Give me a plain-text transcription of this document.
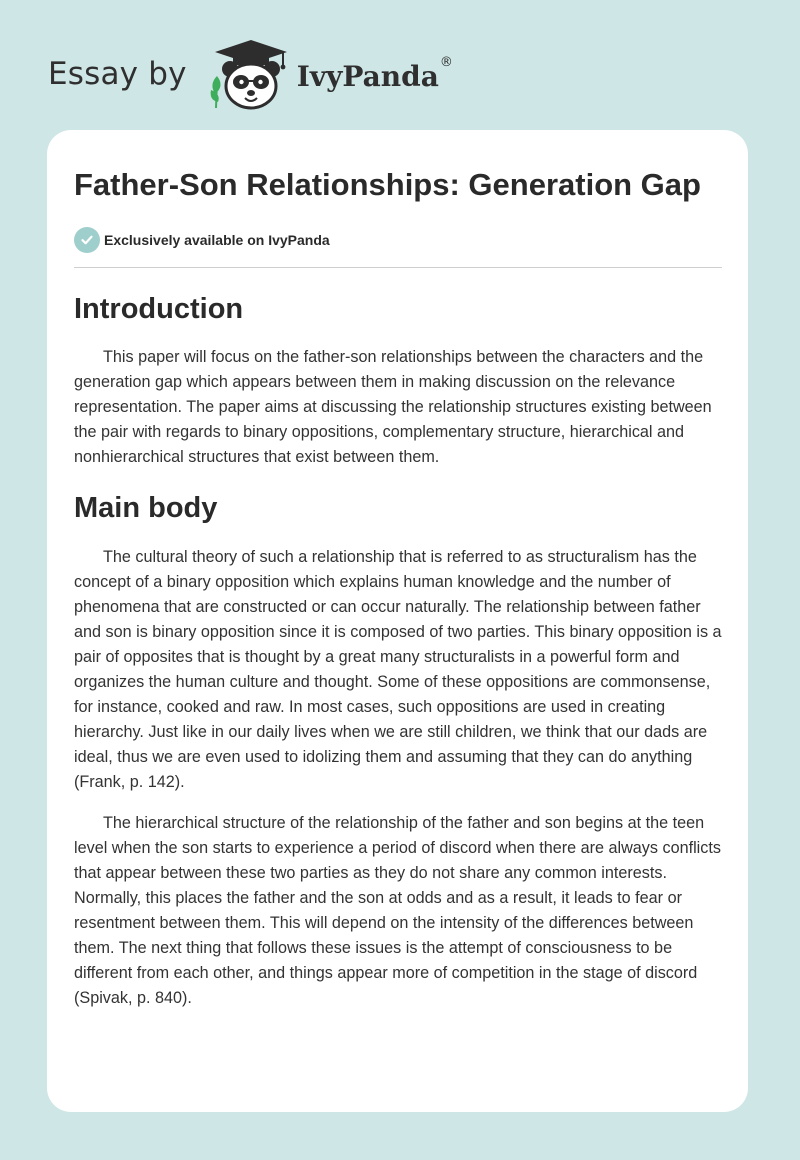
Essay by	IvyPanda ®
Father-Son Relationships: Generation Gap
Exclusively available on IvyPanda
Introduction

This paper will focus on the father-son relationships between the characters and the generation gap which appears between them in making discussion on the relevance representation. The paper aims at discussing the relationship structures existing between the pair with regards to binary oppositions, complementary structure, hierarchical and nonhierarchical structures that exist between them.

Main body

The cultural theory of such a relationship that is referred to as structuralism has the concept of a binary opposition which explains human knowledge and the number of phenomena that are constructed or can occur naturally. The relationship between father and son is binary opposition since it is composed of two parties. This binary opposition is a pair of opposites that is thought by a great many structuralists in a powerful form and organizes the human culture and thought. Some of these oppositions are commonsense, for instance, cooked and raw. In most cases, such oppositions are used in creating hierarchy. Just like in our daily lives when we are still children, we think that our dads are ideal, thus we are even used to idolizing them and assuming that they can do anything (Frank, p. 142).

The hierarchical structure of the relationship of the father and son begins at the teen level when the son starts to experience a period of discord when there are always conflicts that appear between these two parties as they do not share any common interests. Normally, this places the father and the son at odds and as a result, it leads to fear or resentment between them. This will depend on the intensity of the differences between them. The next thing that follows these issues is the attempt of consciousness to be different from each other, and things appear more of competition in the stage of discord (Spivak, p. 840).
